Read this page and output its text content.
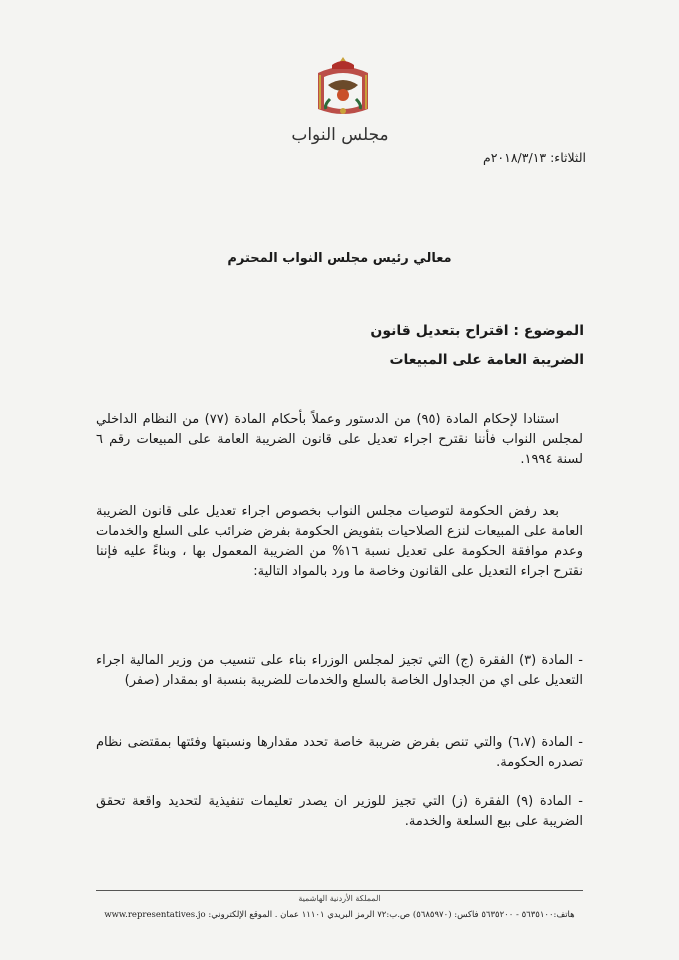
مجلس النواب
الثلاثاء: ٢٠١٨/٣/١٣م
معالي رئيس مجلس النواب المحترم
الموضوع : اقتراح بتعديل قانون
الضريبة العامة على المبيعات
استنادا لإحكام المادة (٩٥) من الدستور وعملاً بأحكام المادة (٧٧) من النظام الداخلي لمجلس النواب فأننا نقترح اجراء تعديل على قانون الضريبة العامة على المبيعات رقم ٦ لسنة ١٩٩٤.
بعد رفض الحكومة لتوصيات مجلس النواب بخصوص اجراء تعديل على قانون الضريبة العامة على المبيعات لنزع الصلاحيات بتفويض الحكومة بفرض ضرائب على السلع والخدمات وعدم موافقة الحكومة على تعديل نسبة ١٦% من الضريبة المعمول بها ، وبناءً عليه فإننا نقترح اجراء التعديل على القانون وخاصة ما ورد بالمواد التالية:
- المادة (٣) الفقرة (ج) التي تجيز لمجلس الوزراء بناء على تنسيب من وزير المالية اجراء التعديل على اي من الجداول الخاصة بالسلع والخدمات للضريبة بنسبة او بمقدار (صفر)
- المادة (٦،٧) والتي تنص بفرض ضريبة خاصة تحدد مقدارها ونسبتها وفئتها بمقتضى نظام تصدره الحكومة.
- المادة (٩) الفقرة (ز) التي تجيز للوزير ان يصدر تعليمات تنفيذية لتحديد واقعة تحقق الضريبة على بيع السلعة والخدمة.
المملكة الأردنية الهاشمية
هاتف:٥٦٣٥١٠٠ - ٥٦٣٥٢٠٠ فاكس: (٥٦٨٥٩٧٠) ص.ب:٧٢ الرمز البريدي ١١١٠١ عمان . الموقع الإلكتروني: www.representatives.jo
